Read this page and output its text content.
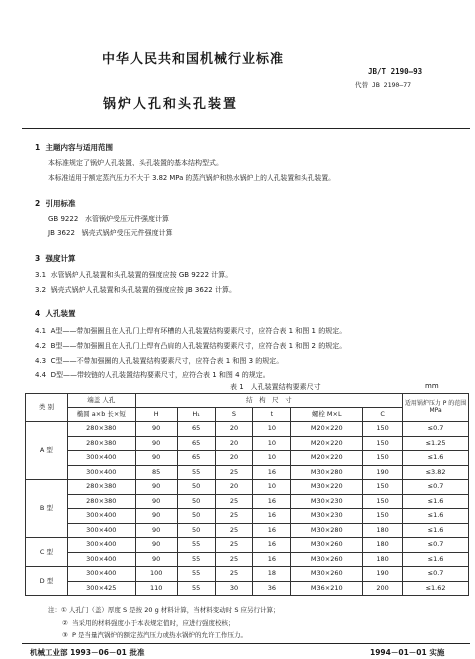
中华人民共和国机械行业标准
JB/T 2190—93
代替 JB 2190—77
锅炉人孔和头孔装置
1 主题内容与适用范围
本标准规定了锅炉人孔装置、头孔装置的基本结构型式。
本标准适用于额定蒸汽压力不大于 3.82 MPa 的蒸汽锅炉和热水锅炉上的人孔装置和头孔装置。
2 引用标准
GB 9222 水管锅炉受压元件强度计算
JB 3622 锅壳式锅炉受压元件强度计算
3 强度计算
3.1 水管锅炉人孔装置和头孔装置的强度应按 GB 9222 计算。
3.2 锅壳式锅炉人孔装置和头孔装置的强度应按 JB 3622 计算。
4 人孔装置
4.1 A型——带加强圈且在人孔门上焊有环槽的人孔装置结构要素尺寸，应符合表 1 和图 1 的规定。
4.2 B型——带加强圈且在人孔门上焊有凸肩的人孔装置结构要素尺寸，应符合表 1 和图 2 的规定。
4.3 C型——不带加强圈的人孔装置结构要素尺寸，应符合表 1 和图 3 的规定。
4.4 D型——带较链的人孔装置结构要素尺寸，应符合表 1 和图 4 的规定。
表 1　人孔装置结构要素尺寸	mm
类 别	端盖 人孔	结　构　尺　寸						适用锅炉压力 P 的范围 MPa
	椭圆 a×b 长×短	H	H₁	S	t	螺栓 M×L	C	
A 型	280×380	90	65	20	10	M20×220	150	≤0.7
	280×380	90	65	20	10	M20×220	150	≤1.25
	300×400	90	65	20	10	M20×220	150	≤1.6
	300×400	85	55	25	16	M30×280	190	≤3.82
B 型	280×380	90	50	20	10	M30×220	150	≤0.7
	280×380	90	50	25	16	M30×230	150	≤1.6
	300×400	90	50	25	16	M30×230	150	≤1.6
	300×400	90	50	25	16	M30×280	180	≤1.6
C 型	300×400	90	55	25	16	M30×260	180	≤0.7
	300×400	90	55	25	16	M30×260	180	≤1.6
D 型	300×400	100	55	25	18	M30×260	190	≤0.7
	300×425	110	55	30	36	M36×210	200	≤1.62
注：① 人孔门（盖）厚度 S 是按 20 g 材料计算，当材料变动时 S 应另行计算；
② 当采用的材料强度小于本表规定值时，应进行强度校核；
③ P 是当量汽锅炉的额定蒸汽压力或热水锅炉的允许工作压力。
机械工业部 1993－06－01 批准	1994－01－01 实施
